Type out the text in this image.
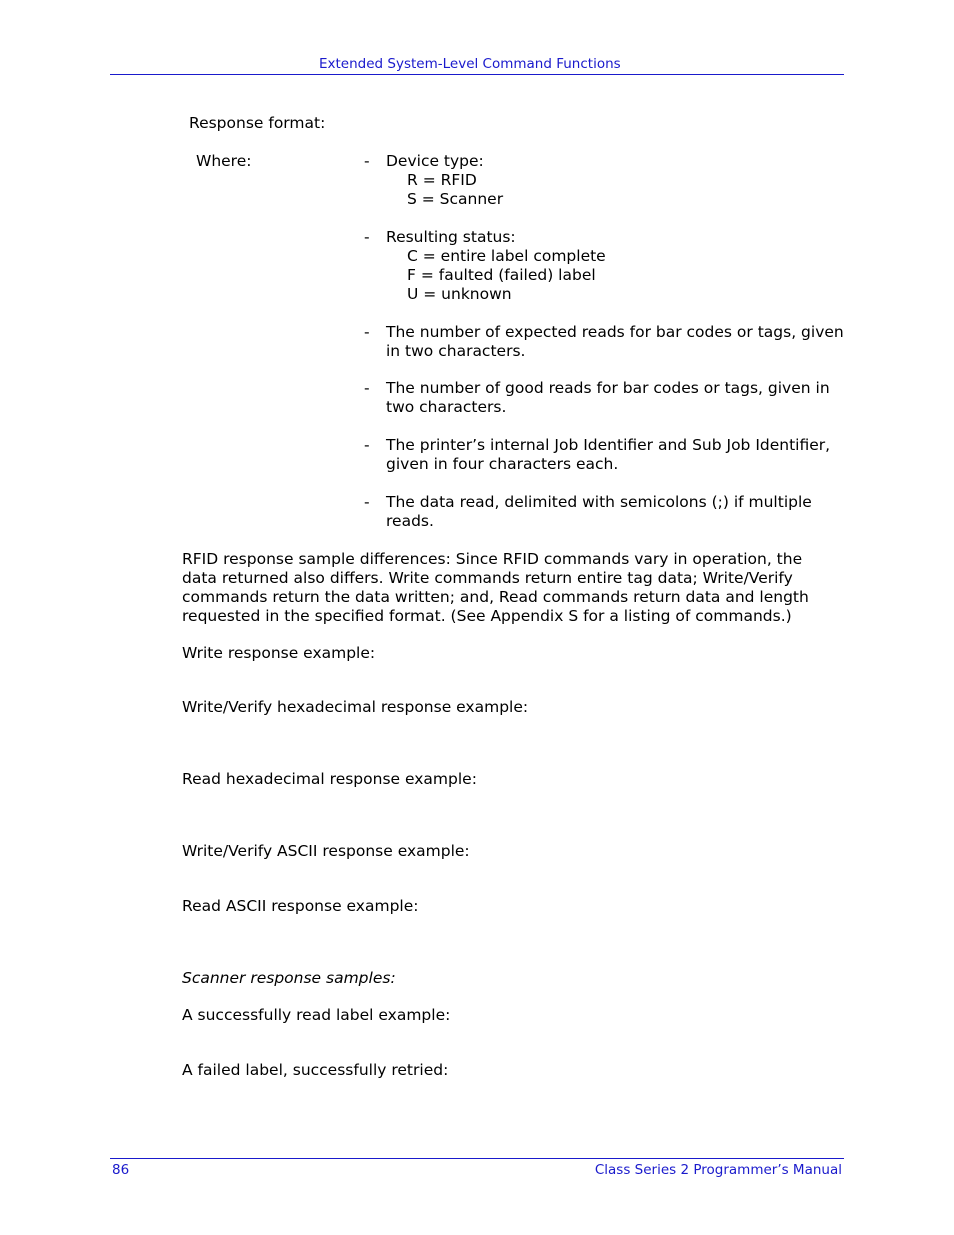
Extended System-Level Command Functions
Response format:
Where:	- Device type:
R = RFID
S = Scanner
- Resulting status:
C = entire label complete
F = faulted (failed) label
U = unknown
- The number of expected reads for bar codes or tags, given in two characters.
- The number of good reads for bar codes or tags, given in two characters.
- The printer’s internal Job Identifier and Sub Job Identifier, given in four characters each.
- The data read, delimited with semicolons (;) if multiple reads.
RFID response sample differences: Since RFID commands vary in operation, the data returned also differs. Write commands return entire tag data; Write/Verify commands return the data written; and, Read commands return data and length requested in the specified format. (See Appendix S for a listing of commands.)
Write response example:
Write/Verify hexadecimal response example:
Read hexadecimal response example:
Write/Verify ASCII response example:
Read ASCII response example:
Scanner response samples:
A successfully read label example:
A failed label, successfully retried:
86	Class Series 2 Programmer’s Manual
